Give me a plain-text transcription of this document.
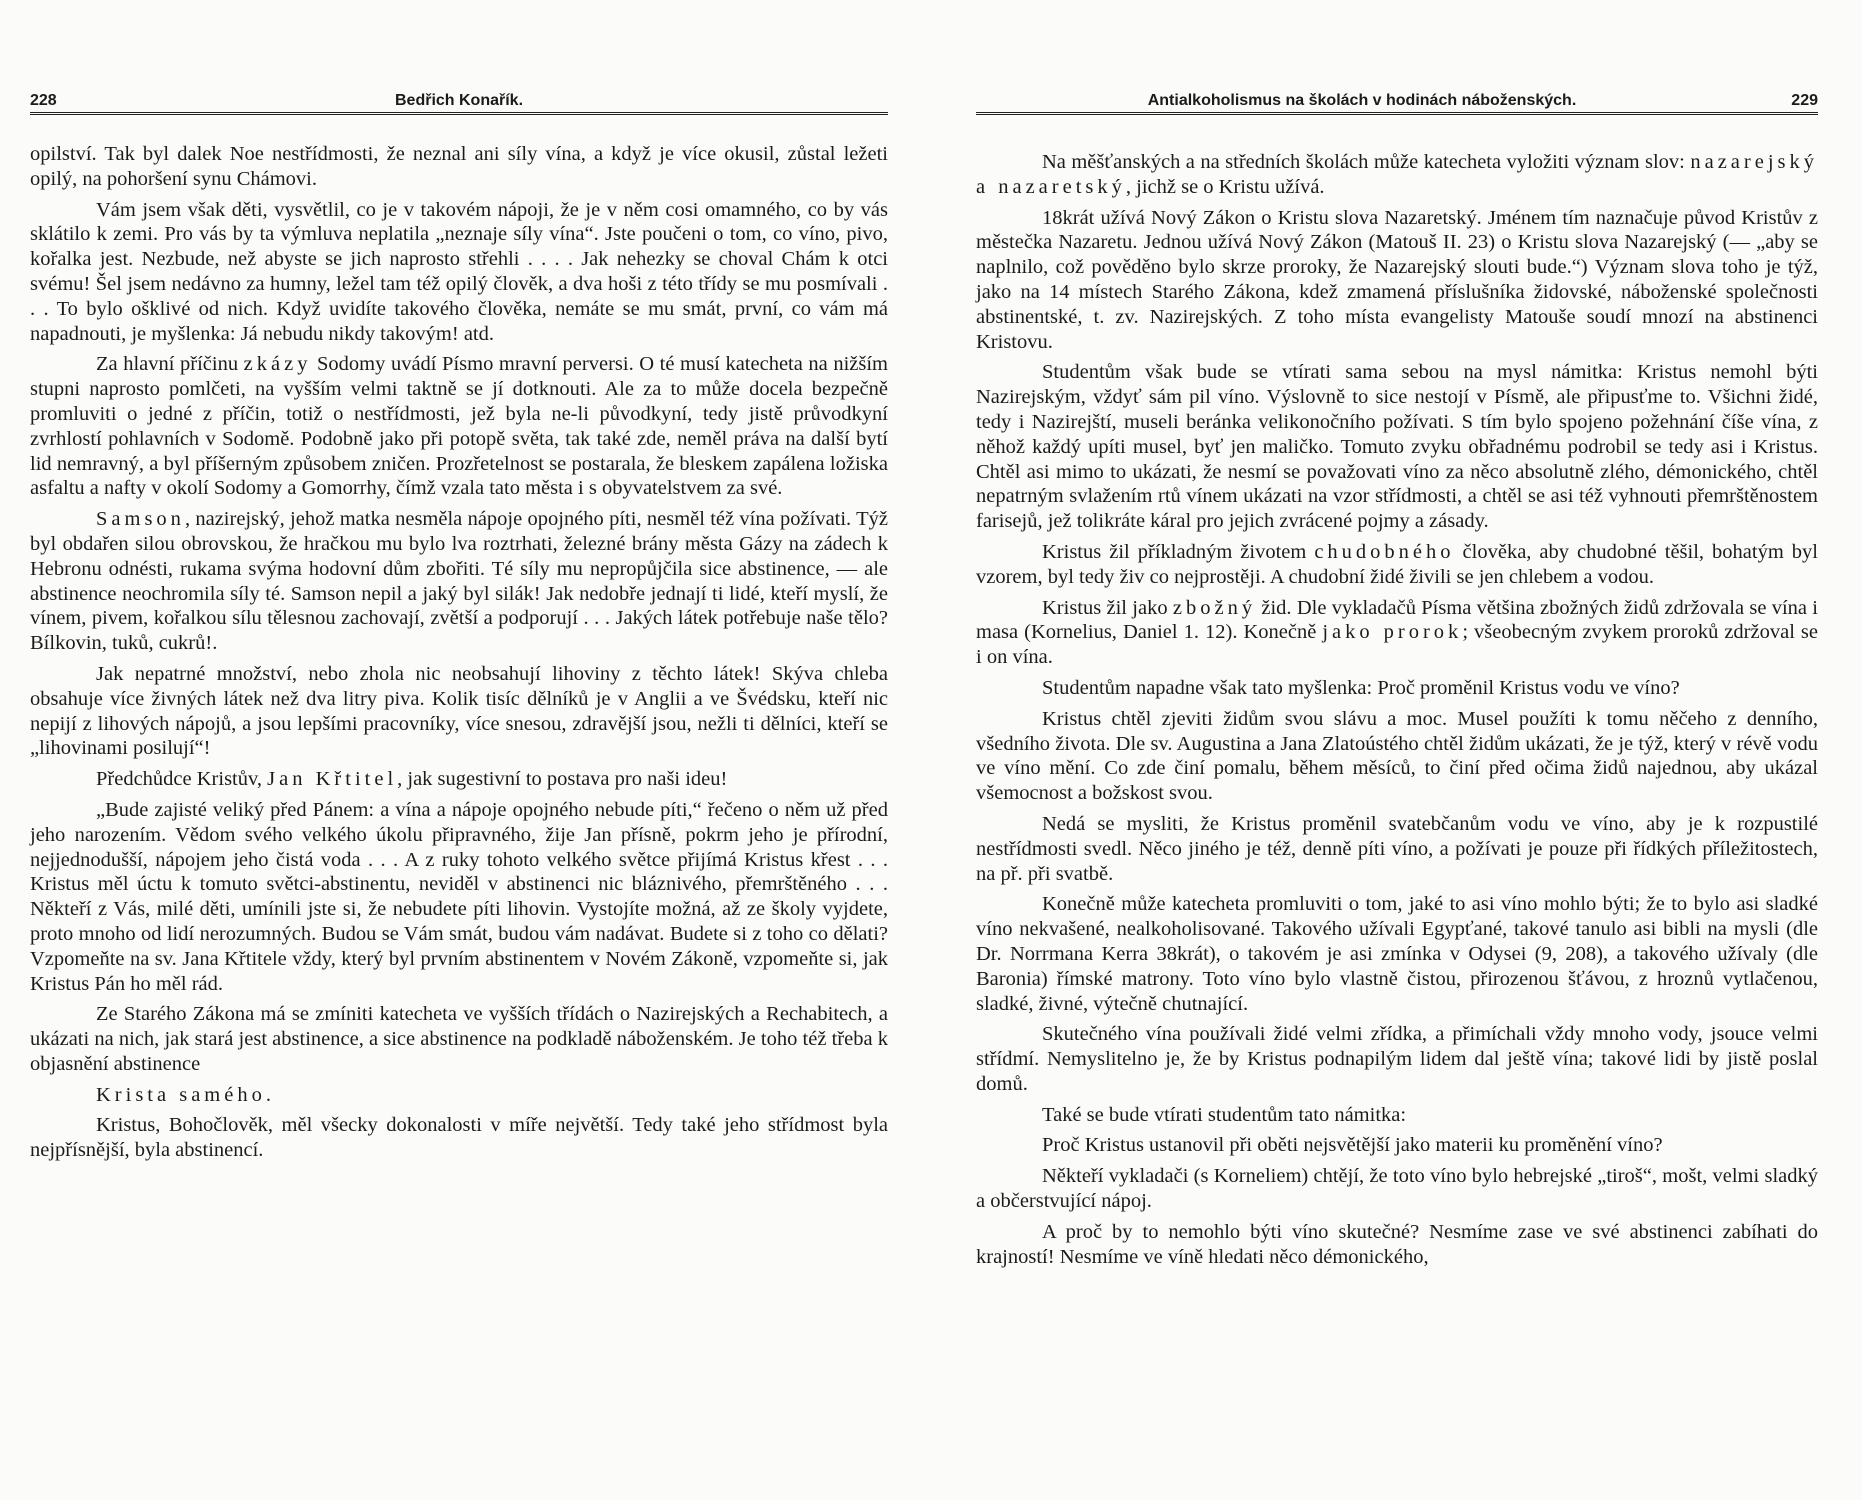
228	Bedřich Konařík.

opilství. Tak byl dalek Noe nestřídmosti, že neznal ani síly vína, a když je více okusil, zůstal ležeti opilý, na pohoršení synu Chámovi.

Vám jsem však děti, vysvětlil, co je v takovém nápoji, že je v něm cosi omamného, co by vás sklátilo k zemi. Pro vás by ta výmluva neplatila „neznaje síly vína“. Jste poučeni o tom, co víno, pivo, kořalka jest. Nezbude, než abyste se jich naprosto střehli . . . . Jak nehezky se choval Chám k otci svému! Šel jsem nedávno za humny, ležel tam též opilý člověk, a dva hoši z této třídy se mu posmívali . . . To bylo ošklivé od nich. Když uvidíte takového člověka, nemáte se mu smát, první, co vám má napadnouti, je myšlenka: Já nebudu nikdy takovým! atd.

Za hlavní příčinu zkázy Sodomy uvádí Písmo mravní perversi. O té musí katecheta na nižším stupni naprosto pomlčeti, na vyšším velmi taktně se jí dotknouti. Ale za to může docela bezpečně promluviti o jedné z příčin, totiž o nestřídmosti, jež byla ne-li původkyní, tedy jistě průvodkyní zvrhlostí pohlavních v Sodomě. Podobně jako při potopě světa, tak také zde, neměl práva na další bytí lid nemravný, a byl příšerným způsobem zničen. Prozřetelnost se postarala, že bleskem zapálena ložiska asfaltu a nafty v okolí Sodomy a Gomorrhy, čímž vzala tato města i s obyvatelstvem za své.

Samson, nazirejský, jehož matka nesměla nápoje opojného píti, nesměl též vína požívati. Týž byl obdařen silou obrovskou, že hračkou mu bylo lva roztrhati, železné brány města Gázy na zádech k Hebronu odnésti, rukama svýma hodovní dům zbořiti. Té síly mu nepropůjčila sice abstinence, — ale abstinence neochromila síly té. Samson nepil a jaký byl silák! Jak nedobře jednají ti lidé, kteří myslí, že vínem, pivem, kořalkou sílu tělesnou zachovají, zvětší a podporují . . . Jakých látek potřebuje naše tělo? Bílkovin, tuků, cukrů!.

Jak nepatrné množství, nebo zhola nic neobsahují lihoviny z těchto látek! Skýva chleba obsahuje více živných látek než dva litry piva. Kolik tisíc dělníků je v Anglii a ve Švédsku, kteří nic nepijí z lihových nápojů, a jsou lepšími pracovníky, více snesou, zdravější jsou, nežli ti dělníci, kteří se „lihovinami posilují“!

Předchůdce Kristův, Jan Křtitel, jak sugestivní to postava pro naši ideu!

„Bude zajisté veliký před Pánem: a vína a nápoje opojného nebude píti,“ řečeno o něm už před jeho narozením. Vědom svého velkého úkolu připravného, žije Jan přísně, pokrm jeho je přírodní, nejjednodušší, nápojem jeho čistá voda . . . A z ruky tohoto velkého světce přijímá Kristus křest . . . Kristus měl úctu k tomuto světci-abstinentu, neviděl v abstinenci nic bláznivého, přemrštěného . . . Někteří z Vás, milé děti, umínili jste si, že nebudete píti lihovin. Vystojíte možná, až ze školy vyjdete, proto mnoho od lidí nerozumných. Budou se Vám smát, budou vám nadávat. Budete si z toho co dělati? Vzpomeňte na sv. Jana Křtitele vždy, který byl prvním abstinentem v Novém Zákoně, vzpomeňte si, jak Kristus Pán ho měl rád.

Ze Starého Zákona má se zmíniti katecheta ve vyšších třídách o Nazirejských a Rechabitech, a ukázati na nich, jak stará jest abstinence, a sice abstinence na podkladě náboženském. Je toho též třeba k objasnění abstinence

Krista samého.

Kristus, Bohočlověk, měl všecky dokonalosti v míře největší. Tedy také jeho střídmost byla nejpřísnější, byla abstinencí.

Antialkoholismus na školách v hodinách náboženských.	229

Na měšťanských a na středních školách může katecheta vyložiti význam slov: nazarejský a nazaretský, jichž se o Kristu užívá.

18krát užívá Nový Zákon o Kristu slova Nazaretský. Jménem tím naznačuje původ Kristův z městečka Nazaretu. Jednou užívá Nový Zákon (Matouš II. 23) o Kristu slova Nazarejský (— „aby se naplnilo, což pověděno bylo skrze proroky, že Nazarejský slouti bude.“) Význam slova toho je týž, jako na 14 místech Starého Zákona, kdež zmamená příslušníka židovské, náboženské společnosti abstinentské, t. zv. Nazirejských. Z toho místa evangelisty Matouše soudí mnozí na abstinenci Kristovu.

Studentům však bude se vtírati sama sebou na mysl námitka: Kristus nemohl býti Nazirejským, vždyť sám pil víno. Výslovně to sice nestojí v Písmě, ale připusťme to. Všichni židé, tedy i Nazirejští, museli beránka velikonočního požívati. S tím bylo spojeno požehnání číše vína, z něhož každý upíti musel, byť jen maličko. Tomuto zvyku obřadnému podrobil se tedy asi i Kristus. Chtěl asi mimo to ukázati, že nesmí se považovati víno za něco absolutně zlého, démonického, chtěl nepatrným svlažením rtů vínem ukázati na vzor střídmosti, a chtěl se asi též vyhnouti přemrštěnostem farisejů, jež tolikráte káral pro jejich zvrácené pojmy a zásady.

Kristus žil příkladným životem chudobného člověka, aby chudobné těšil, bohatým byl vzorem, byl tedy živ co nejprostěji. A chudobní židé živili se jen chlebem a vodou.

Kristus žil jako zbožný žid. Dle vykladačů Písma většina zbožných židů zdržovala se vína i masa (Kornelius, Daniel 1. 12). Konečně jako prorok; všeobecným zvykem proroků zdržoval se i on vína.

Studentům napadne však tato myšlenka: Proč proměnil Kristus vodu ve víno?

Kristus chtěl zjeviti židům svou slávu a moc. Musel použíti k tomu něčeho z denního, všedního života. Dle sv. Augustina a Jana Zlatoústého chtěl židům ukázati, že je týž, který v révě vodu ve víno mění. Co zde činí pomalu, během měsíců, to činí před očima židů najednou, aby ukázal všemocnost a božskost svou.

Nedá se mysliti, že Kristus proměnil svatebčanům vodu ve víno, aby je k rozpustilé nestřídmosti svedl. Něco jiného je též, denně píti víno, a požívati je pouze při řídkých příležitostech, na př. při svatbě.

Konečně může katecheta promluviti o tom, jaké to asi víno mohlo býti; že to bylo asi sladké víno nekvašené, nealkoholisované. Takového užívali Egypťané, takové tanulo asi bibli na mysli (dle Dr. Norrmana Kerra 38krát), o takovém je asi zmínka v Odysei (9, 208), a takového užívaly (dle Baronia) římské matrony. Toto víno bylo vlastně čistou, přirozenou šťávou, z hroznů vytlačenou, sladké, živné, výtečně chutnající.

Skutečného vína používali židé velmi zřídka, a přimíchali vždy mnoho vody, jsouce velmi střídmí. Nemyslitelno je, že by Kristus podnapilým lidem dal ještě vína; takové lidi by jistě poslal domů.

Také se bude vtírati studentům tato námitka:

Proč Kristus ustanovil při oběti nejsvětější jako materii ku proměnění víno?

Někteří vykladači (s Korneliem) chtějí, že toto víno bylo hebrejské „tiroš“, mošt, velmi sladký a občerstvující nápoj.

A proč by to nemohlo býti víno skutečné? Nesmíme zase ve své abstinenci zabíhati do krajností! Nesmíme ve víně hledati něco démonického,
